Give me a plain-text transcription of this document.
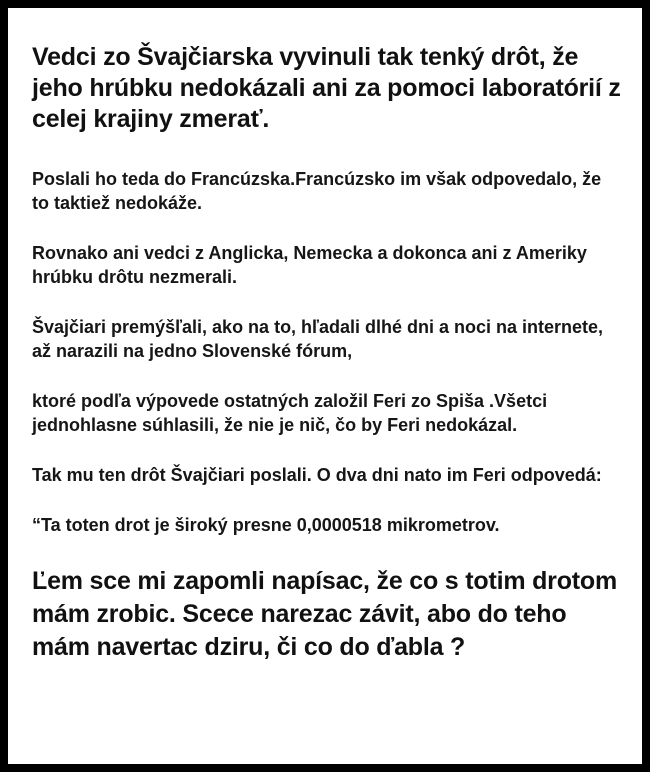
Vedci zo Švajčiarska vyvinuli tak tenký drôt, že jeho hrúbku nedokázali ani za pomoci laboratórií z celej krajiny zmerať.

Poslali ho teda do Francúzska.Francúzsko im však odpovedalo, že to taktiež nedokáže.

Rovnako ani vedci z Anglicka, Nemecka a dokonca ani z Ameriky hrúbku drôtu nezmerali.

Švajčiari premýšľali, ako na to, hľadali dlhé dni a noci na internete, až narazili na jedno Slovenské fórum,

ktoré podľa výpovede ostatných založil Feri zo Spiša .Všetci jednohlasne súhlasili, že nie je nič, čo by Feri nedokázal.

Tak mu ten drôt Švajčiari poslali. O dva dni nato im Feri odpovedá:

“Ta toten drot je široký presne 0,0000518 mikrometrov.

Ľem sce mi zapomli napísac, že co s totim drotom mám zrobic. Scece narezac závit, abo do teho mám navertac dziru, či co do ďabla ?
